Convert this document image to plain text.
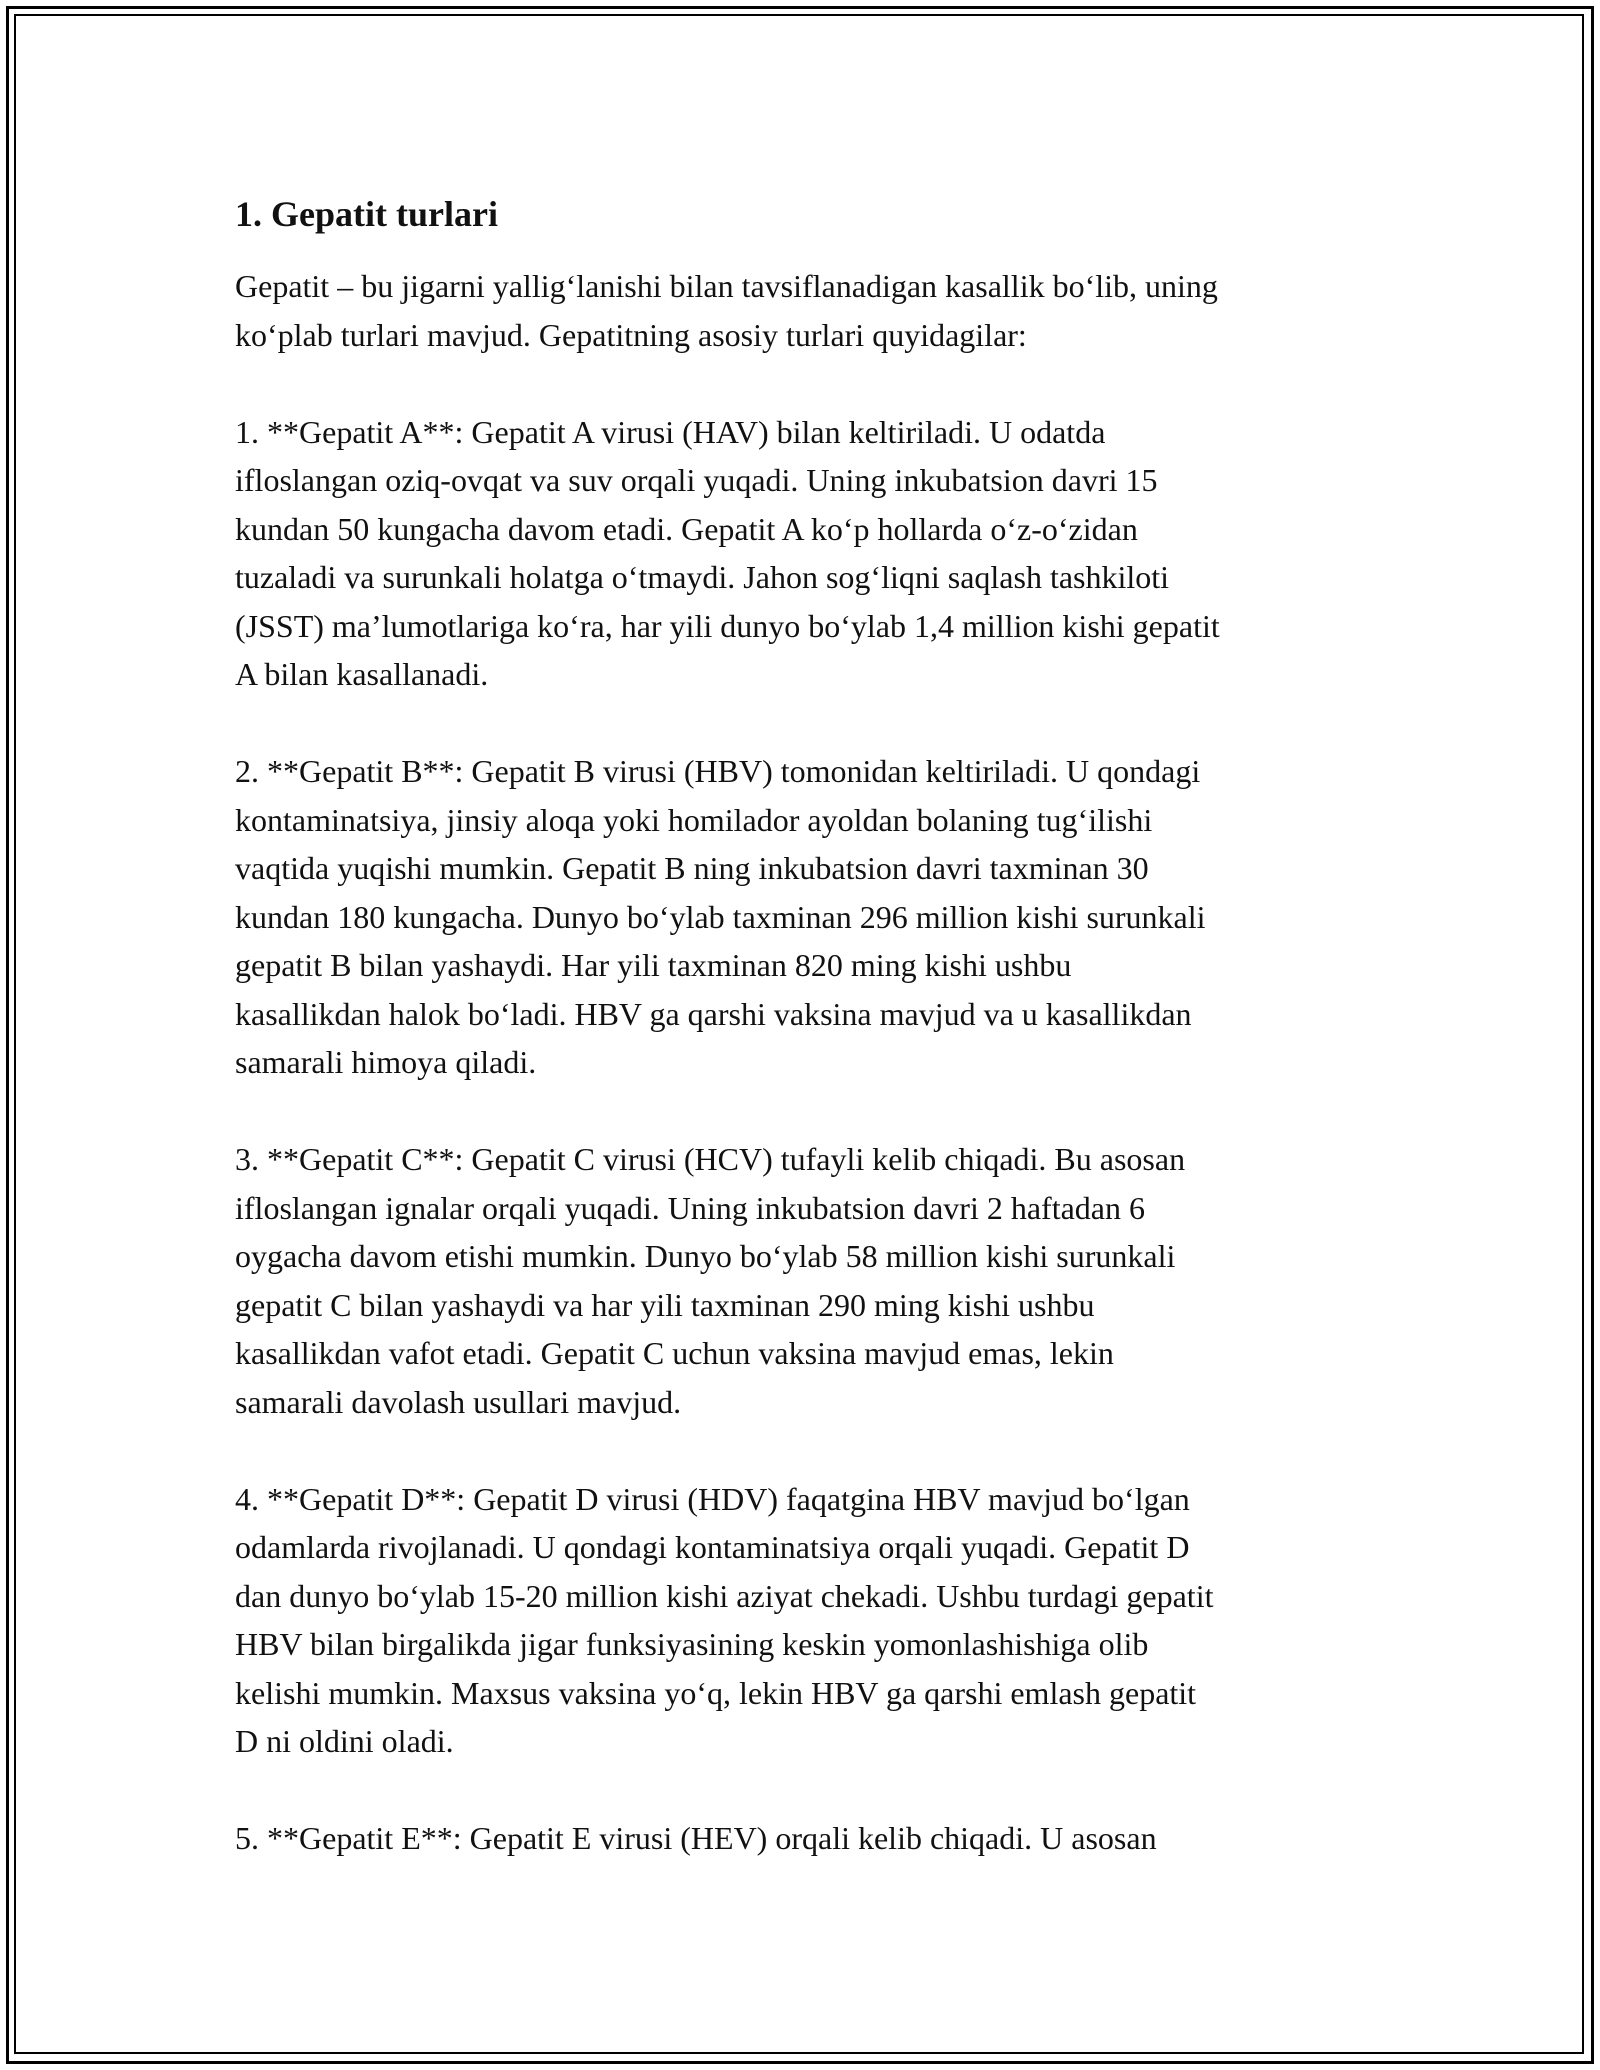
1. Gepatit turlari

Gepatit – bu jigarni yallig‘lanishi bilan tavsiflanadigan kasallik bo‘lib, uning
ko‘plab turlari mavjud. Gepatitning asosiy turlari quyidagilar:

1. **Gepatit A**: Gepatit A virusi (HAV) bilan keltiriladi. U odatda
ifloslangan oziq-ovqat va suv orqali yuqadi. Uning inkubatsion davri 15
kundan 50 kungacha davom etadi. Gepatit A ko‘p hollarda o‘z-o‘zidan
tuzaladi va surunkali holatga o‘tmaydi. Jahon sog‘liqni saqlash tashkiloti
(JSST) ma’lumotlariga ko‘ra, har yili dunyo bo‘ylab 1,4 million kishi gepatit
A bilan kasallanadi.

2. **Gepatit B**: Gepatit B virusi (HBV) tomonidan keltiriladi. U qondagi
kontaminatsiya, jinsiy aloqa yoki homilador ayoldan bolaning tug‘ilishi
vaqtida yuqishi mumkin. Gepatit B ning inkubatsion davri taxminan 30
kundan 180 kungacha. Dunyo bo‘ylab taxminan 296 million kishi surunkali
gepatit B bilan yashaydi. Har yili taxminan 820 ming kishi ushbu
kasallikdan halok bo‘ladi. HBV ga qarshi vaksina mavjud va u kasallikdan
samarali himoya qiladi.

3. **Gepatit C**: Gepatit C virusi (HCV) tufayli kelib chiqadi. Bu asosan
ifloslangan ignalar orqali yuqadi. Uning inkubatsion davri 2 haftadan 6
oygacha davom etishi mumkin. Dunyo bo‘ylab 58 million kishi surunkali
gepatit C bilan yashaydi va har yili taxminan 290 ming kishi ushbu
kasallikdan vafot etadi. Gepatit C uchun vaksina mavjud emas, lekin
samarali davolash usullari mavjud.

4. **Gepatit D**: Gepatit D virusi (HDV) faqatgina HBV mavjud bo‘lgan
odamlarda rivojlanadi. U qondagi kontaminatsiya orqali yuqadi. Gepatit D
dan dunyo bo‘ylab 15-20 million kishi aziyat chekadi. Ushbu turdagi gepatit
HBV bilan birgalikda jigar funksiyasining keskin yomonlashishiga olib
kelishi mumkin. Maxsus vaksina yo‘q, lekin HBV ga qarshi emlash gepatit
D ni oldini oladi.

5. **Gepatit E**: Gepatit E virusi (HEV) orqali kelib chiqadi. U asosan
